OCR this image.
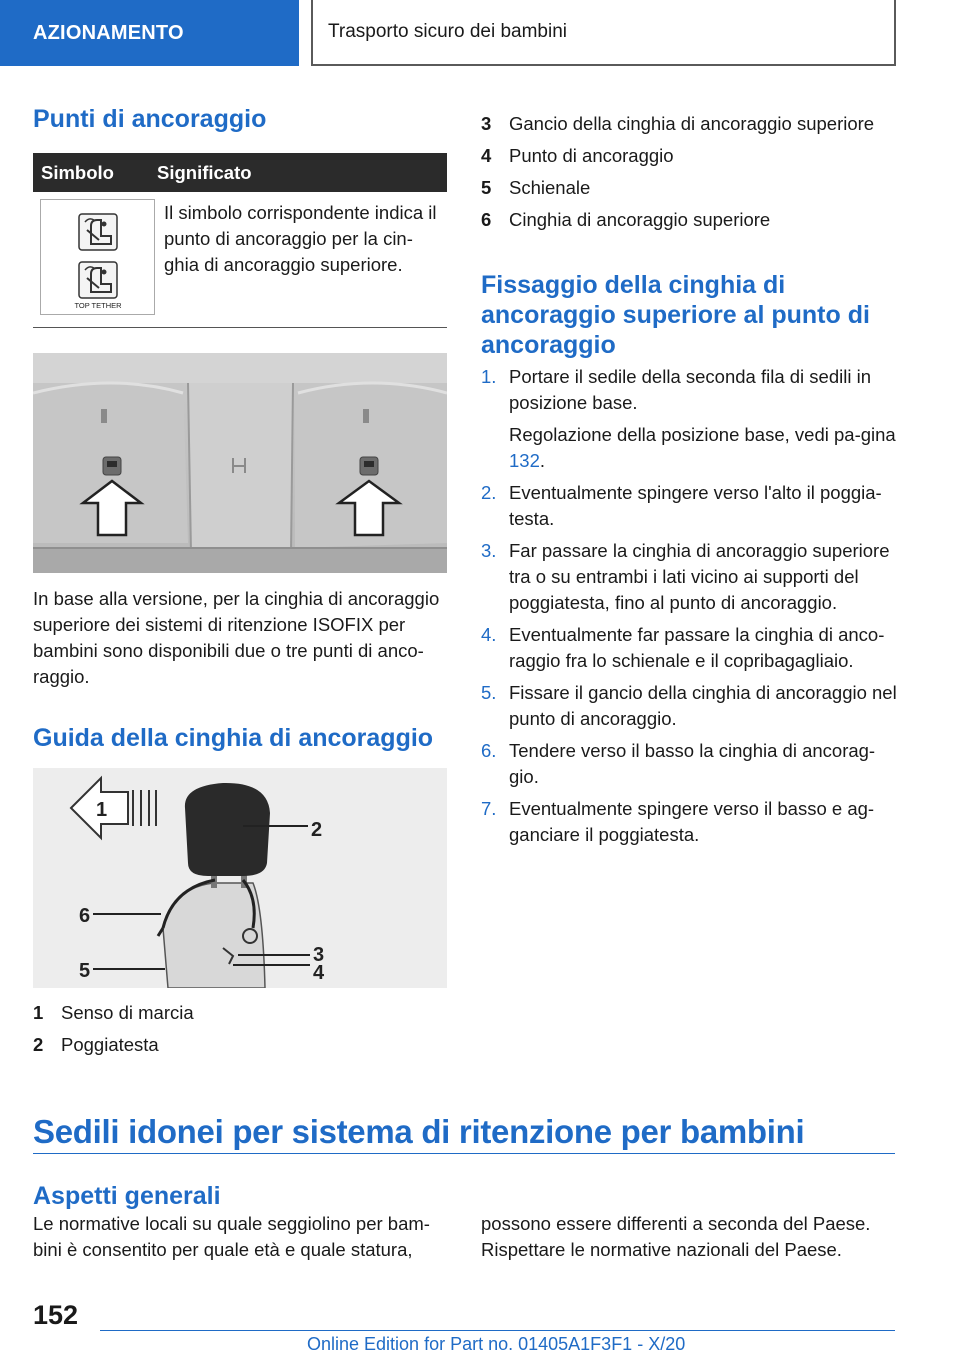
AZIONAMENTO	Trasporto sicuro dei bambini
Punti di ancoraggio
Simbolo	Significato
TOP TETHER
Il simbolo corrispondente indica il punto di ancoraggio per la cin-ghia di ancoraggio superiore.
In base alla versione, per la cinghia di ancoraggio superiore dei sistemi di ritenzione ISOFIX per bambini sono disponibili due o tre punti di anco-raggio.
Guida della cinghia di ancoraggio
1
2
6
3
4
5
1 Senso di marcia
2 Poggiatesta
3 Gancio della cinghia di ancoraggio superiore
4 Punto di ancoraggio
5 Schienale
6 Cinghia di ancoraggio superiore
Fissaggio della cinghia di ancoraggio superiore al punto di ancoraggio
1. Portare il sedile della seconda fila di sedili in posizione base.
Regolazione della posizione base, vedi pa-gina 132.
2. Eventualmente spingere verso l'alto il poggia-testa.
3. Far passare la cinghia di ancoraggio superiore tra o su entrambi i lati vicino ai supporti del poggiatesta, fino al punto di ancoraggio.
4. Eventualmente far passare la cinghia di anco-raggio fra lo schienale e il copribagagliaio.
5. Fissare il gancio della cinghia di ancoraggio nel punto di ancoraggio.
6. Tendere verso il basso la cinghia di ancorag-gio.
7. Eventualmente spingere verso il basso e ag-ganciare il poggiatesta.
Sedili idonei per sistema di ritenzione per bambini
Aspetti generali
Le normative locali su quale seggiolino per bam-bini è consentito per quale età e quale statura,
possono essere differenti a seconda del Paese. Rispettare le normative nazionali del Paese.
152
Online Edition for Part no. 01405A1F3F1 - X/20
